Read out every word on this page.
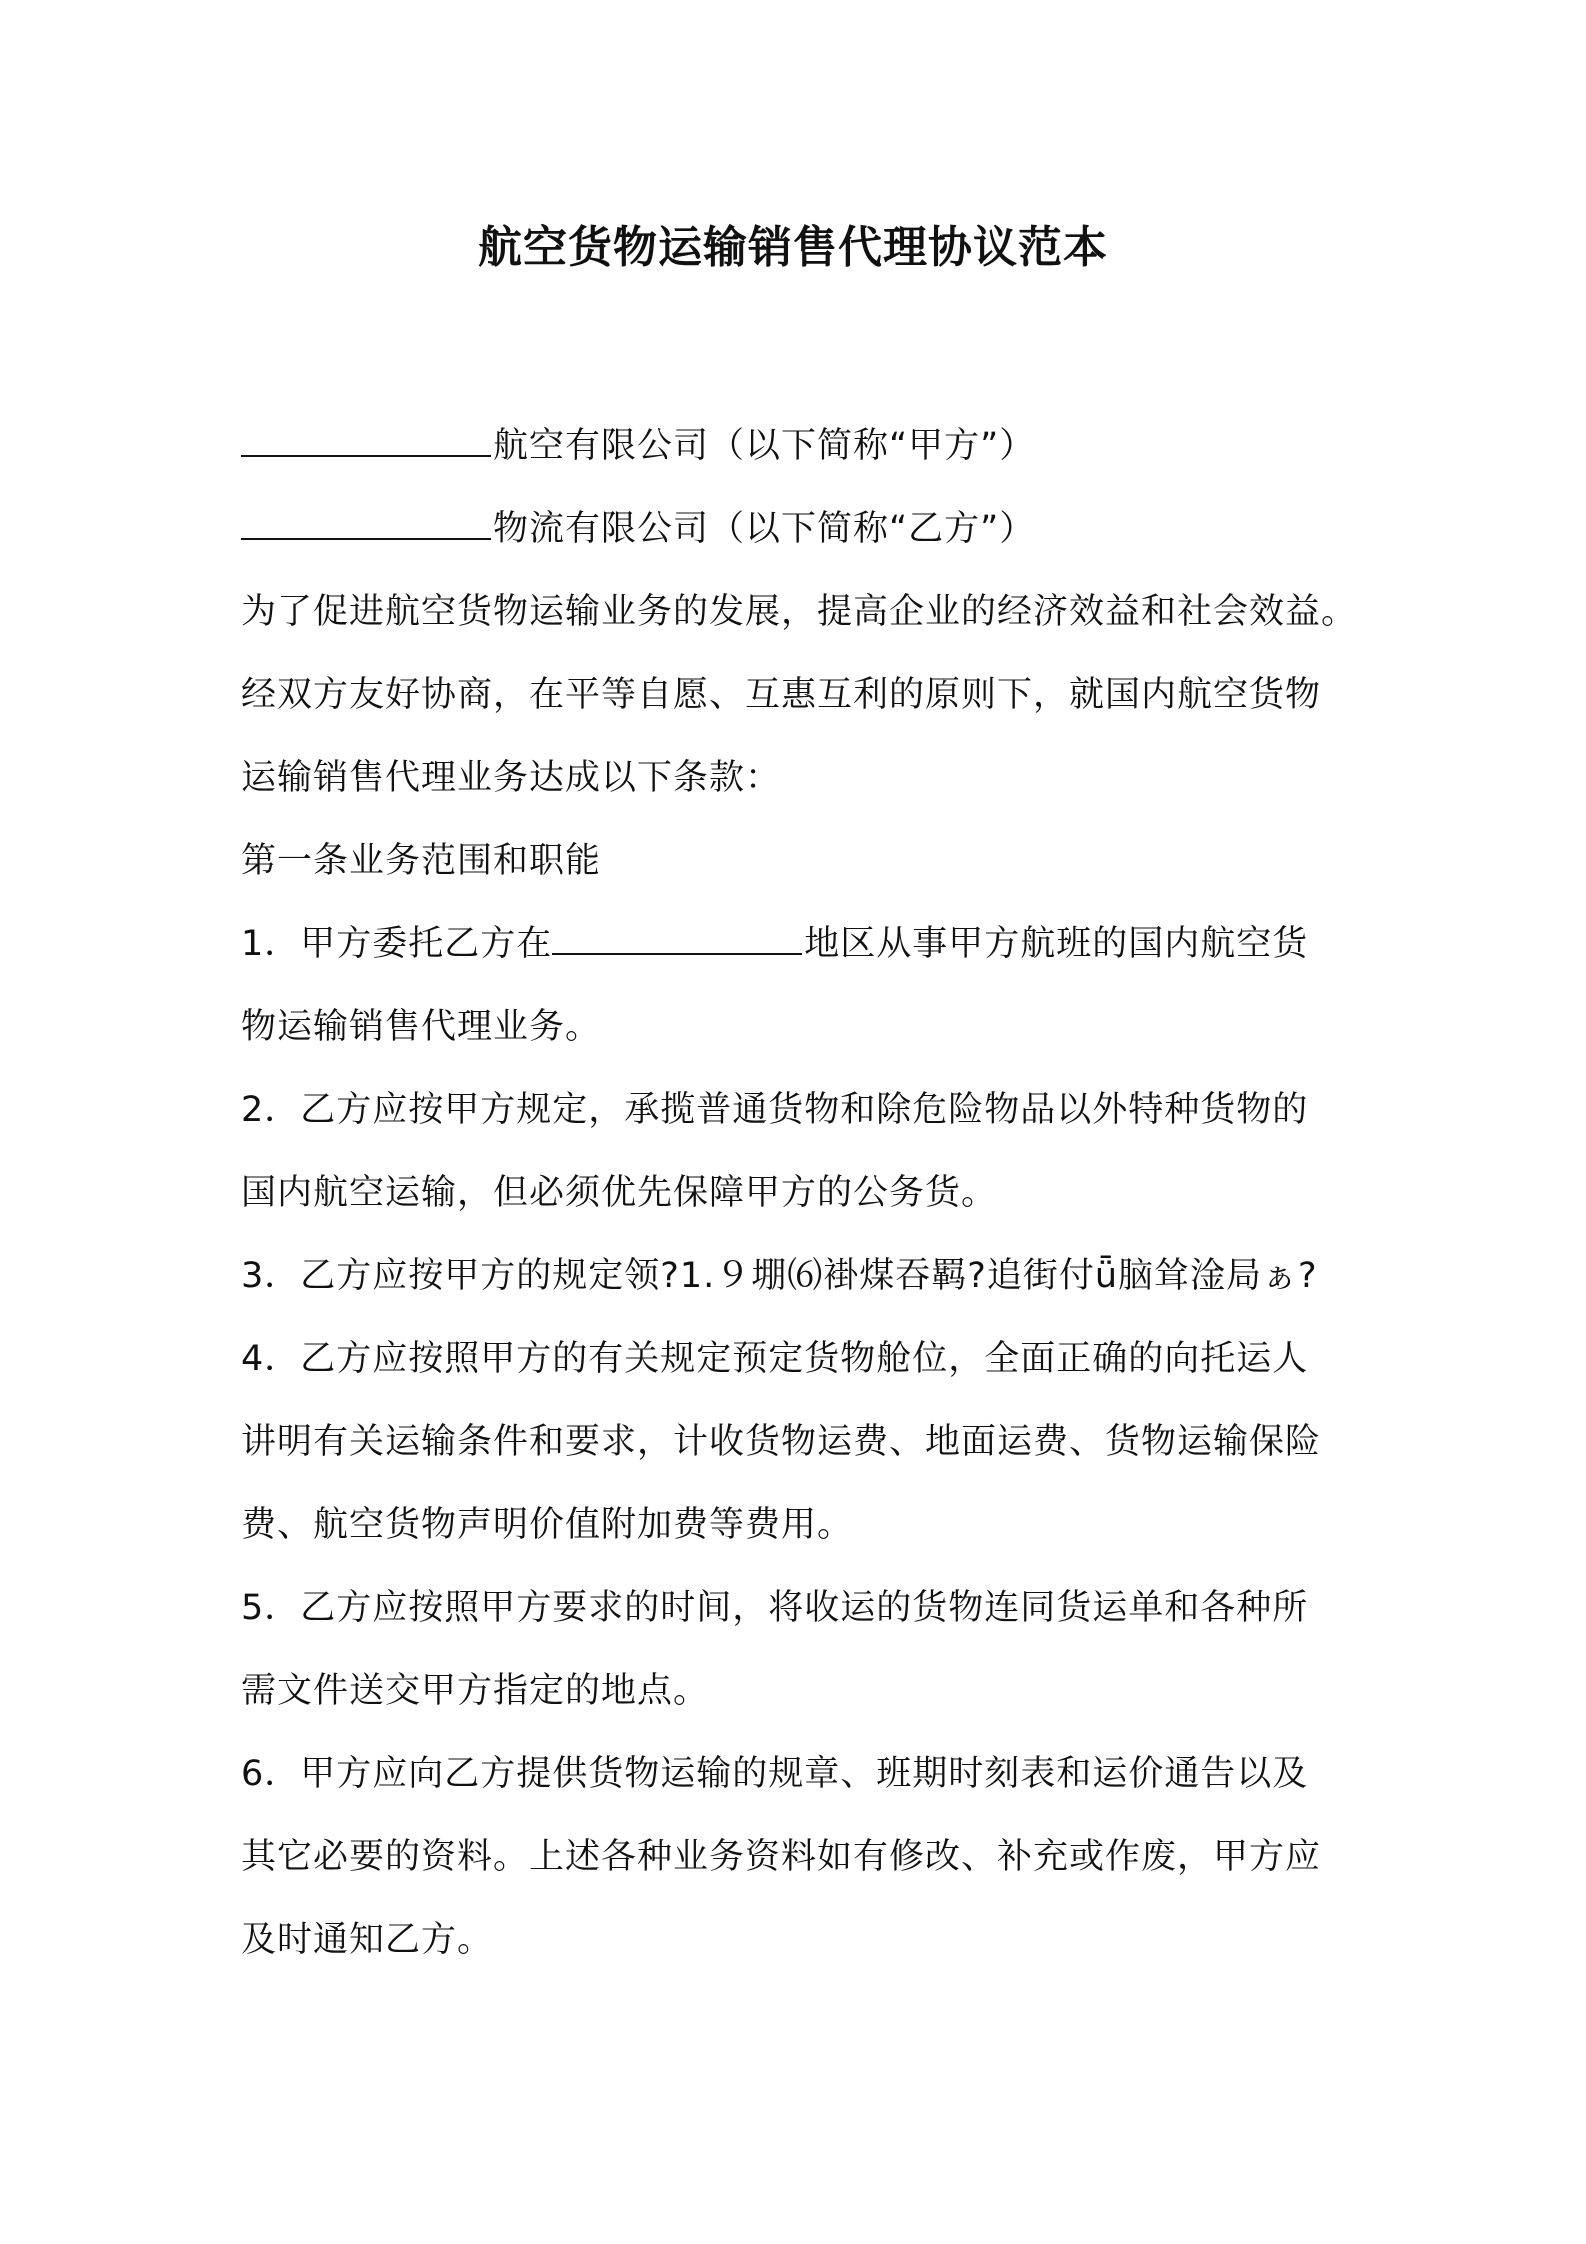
航空货物运输销售代理协议范本
航空有限公司（以下简称“甲方”）
物流有限公司（以下简称“乙方”）
为了促进航空货物运输业务的发展，提高企业的经济效益和社会效益。
经双方友好协商，在平等自愿、互惠互利的原则下，就国内航空货物
运输销售代理业务达成以下条款：
第一条业务范围和职能
1．甲方委托乙方在	地区从事甲方航班的国内航空货
物运输销售代理业务。
2．乙方应按甲方规定，承揽普通货物和除危险物品以外特种货物的
国内航空运输，但必须优先保障甲方的公务货。
3．乙方应按甲方的规定领?1.９堋⑹褂煤吞羁?追街付ǖ脑耸淦局ぁ?
4．乙方应按照甲方的有关规定预定货物舱位，全面正确的向托运人
讲明有关运输条件和要求，计收货物运费、地面运费、货物运输保险
费、航空货物声明价值附加费等费用。
5．乙方应按照甲方要求的时间，将收运的货物连同货运单和各种所
需文件送交甲方指定的地点。
6．甲方应向乙方提供货物运输的规章、班期时刻表和运价通告以及
其它必要的资料。上述各种业务资料如有修改、补充或作废，甲方应
及时通知乙方。
